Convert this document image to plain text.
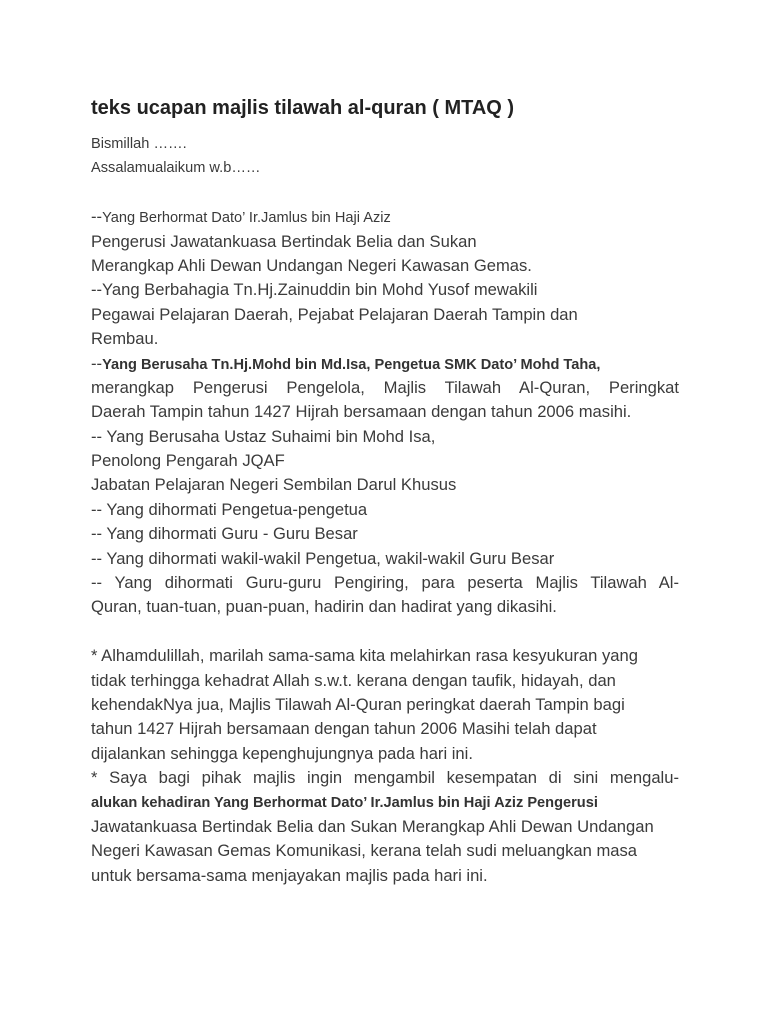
teks ucapan majlis tilawah al-quran ( MTAQ )
Bismillah …….
Assalamualaikum w.b……
--Yang Berhormat Dato’ Ir.Jamlus bin Haji Aziz
Pengerusi Jawatankuasa Bertindak Belia dan Sukan
Merangkap Ahli Dewan Undangan Negeri Kawasan Gemas.
--Yang Berbahagia Tn.Hj.Zainuddin bin Mohd Yusof mewakili
Pegawai Pelajaran Daerah, Pejabat Pelajaran Daerah Tampin dan
Rembau.
--Yang Berusaha Tn.Hj.Mohd bin Md.Isa, Pengetua SMK Dato’ Mohd Taha,
merangkap Pengerusi Pengelola, Majlis Tilawah Al-Quran, Peringkat
Daerah Tampin tahun 1427 Hijrah bersamaan dengan tahun 2006 masihi.
-- Yang Berusaha Ustaz Suhaimi bin Mohd Isa,
Penolong Pengarah JQAF
Jabatan Pelajaran Negeri Sembilan Darul Khusus
-- Yang dihormati Pengetua-pengetua
-- Yang dihormati Guru - Guru Besar
-- Yang dihormati wakil-wakil Pengetua, wakil-wakil Guru Besar
-- Yang dihormati Guru-guru Pengiring, para peserta Majlis Tilawah Al-
Quran, tuan-tuan, puan-puan, hadirin dan hadirat yang dikasihi.
* Alhamdulillah, marilah sama-sama kita melahirkan rasa kesyukuran yang
tidak terhingga kehadrat Allah s.w.t. kerana dengan taufik, hidayah, dan
kehendakNya jua, Majlis Tilawah Al-Quran peringkat daerah Tampin bagi
tahun 1427 Hijrah bersamaan dengan tahun 2006 Masihi telah dapat
dijalankan sehingga kepenghujungnya pada hari ini.
* Saya bagi pihak majlis ingin mengambil kesempatan di sini mengalu-
alukan kehadiran Yang Berhormat Dato’ Ir.Jamlus bin Haji Aziz Pengerusi
Jawatankuasa Bertindak Belia dan Sukan Merangkap Ahli Dewan Undangan
Negeri Kawasan Gemas Komunikasi, kerana telah sudi meluangkan masa
untuk bersama-sama menjayakan majlis pada hari ini.
